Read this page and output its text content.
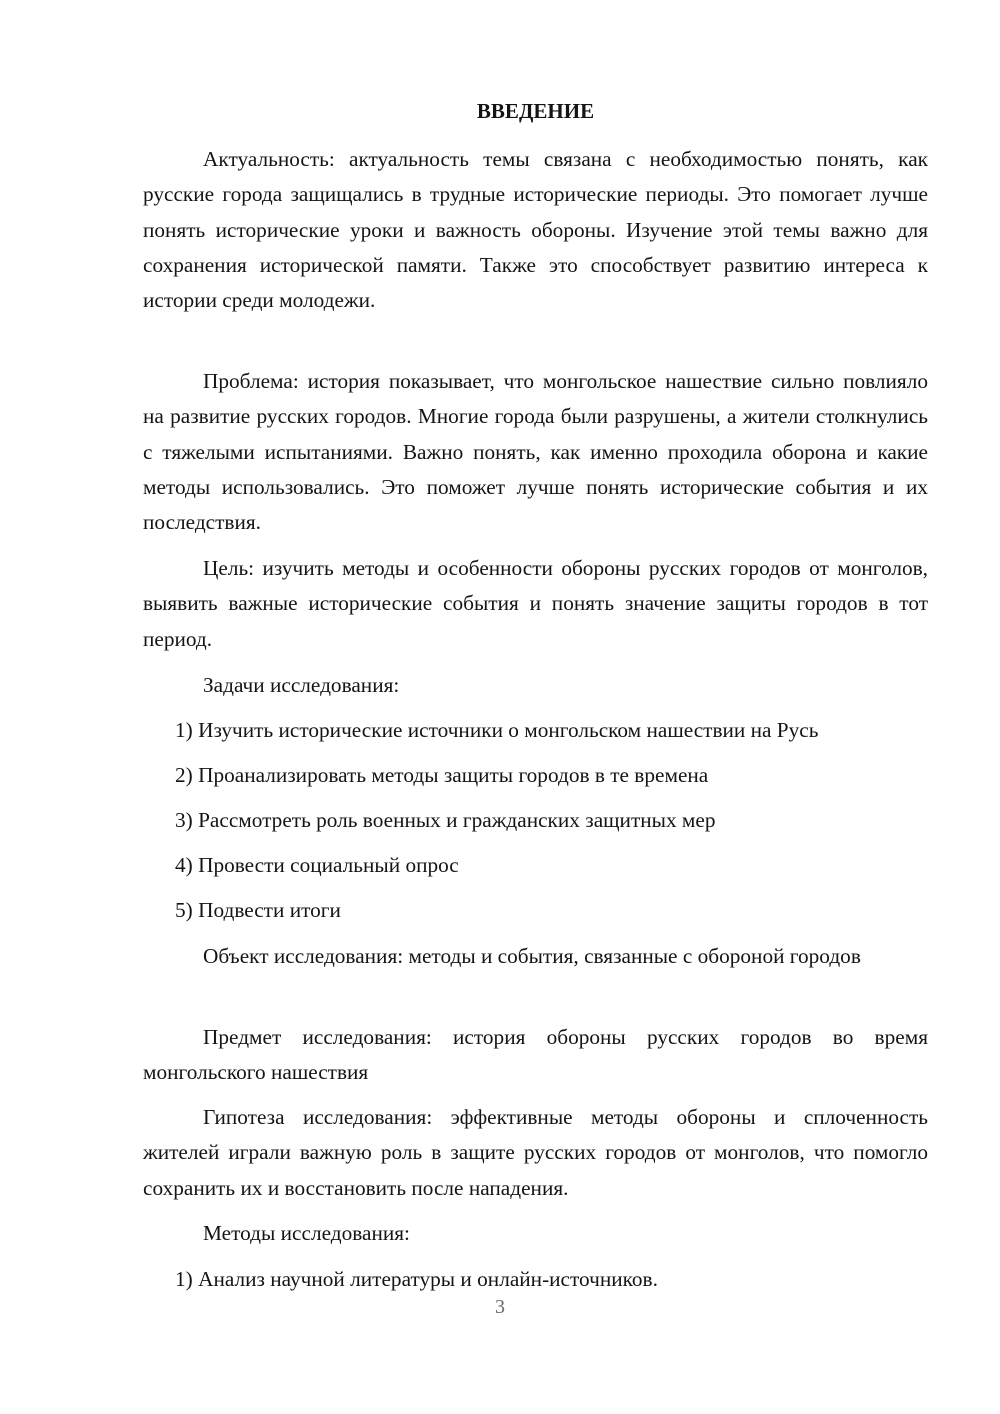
ВВЕДЕНИЕ

Актуальность: актуальность темы связана с необходимостью понять, как русские города защищались в трудные исторические периоды. Это помогает лучше понять исторические уроки и важность обороны. Изучение этой темы важно для сохранения исторической памяти. Также это способствует развитию интереса к истории среди молодежи.

Проблема: история показывает, что монгольское нашествие сильно повлияло на развитие русских городов. Многие города были разрушены, а жители столкнулись с тяжелыми испытаниями. Важно понять, как именно проходила оборона и какие методы использовались. Это поможет лучше понять исторические события и их последствия.

Цель: изучить методы и особенности обороны русских городов от монголов, выявить важные исторические события и понять значение защиты городов в тот период.

Задачи исследования:

1) Изучить исторические источники о монгольском нашествии на Русь

2) Проанализировать методы защиты городов в те времена

3) Рассмотреть роль военных и гражданских защитных мер

4) Провести социальный опрос

5) Подвести итоги

Объект исследования: методы и события, связанные с обороной городов

Предмет исследования: история обороны русских городов во время монгольского нашествия

Гипотеза исследования: эффективные методы обороны и сплоченность жителей играли важную роль в защите русских городов от монголов, что помогло сохранить их и восстановить после нападения.

Методы исследования:

1) Анализ научной литературы и онлайн-источников.

3
